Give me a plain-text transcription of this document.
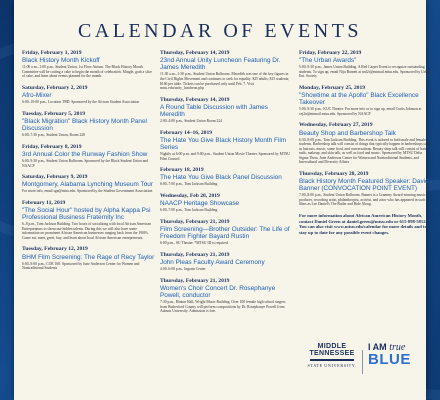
CALENDAR OF EVENTS
Friday, February 1, 2019
Black History Month Kickoff
11:00 a.m.–1:00 p.m., Student Union, 1st Floor Atrium. The Black History Month Committee will be cutting a cake to begin the month of celebration. Mingle, grab a slice of cake, and learn about events planned for the month.
Saturday, February 2, 2019
Afro-Mixer
6:00–10:00 p.m., Location TBD. Sponsored by the African Student Association
Tuesday, February 5, 2019
"Black Migration" Black History Month Panel Discussion
6:00–7:30 p.m., Student Union, Room 228
Friday, February 8, 2019
3rd Annual Color the Runway Fashion Show
6:00–9:30 p.m., Student Union Ballroom. Sponsored by the Black Student Union and NAACP
Saturday, February 9, 2019
Montgomery, Alabama Lynching Museum Tour
For more info, email sga@mtsu.edu. Sponsored by the Student Government Association
February 11, 2019
"The Social Hour" hosted by Alpha Kappa Psi Professional Business Fraternity Inc
6–8 p.m., Tom Jackson Building. Two hours of socializing with local African American Entrepreneurs to showcase hidden talents. During this we will also have some information on prominent African American businesses ranging back from the 1900's. Come eat, meet, greet, buy, and learn about local African American entrepreneurs.
Tuesday, February 12, 2019
BHM Film Screening: The Rage of Recy Taylor
6:00–9:00 p.m., COE 160. Sponsored by June Anderson Center for Women and Nontraditional Students
Thursday, February 14, 2019
23nd Annual Unity Luncheon Featuring Dr. James Meredith
11:30 a.m.–1:30 p.m., Student Union Ballroom. Meredith was one of the key figures in the Civil Rights Movement and continues to seek for equality. $25 adults; $15 students; $160 per table. Tickets can be purchased only until Feb. 7. Visit mtsu.edu/unity_luncheon.php
Thursday, February 14, 2019
A Round Table Discussion with James Meredith
2:00–4:00 p.m., Student Union Room 224
February 14–16, 2019
The Hate You Give Black History Month Film Series
Nightly at 6:00 p.m. and 9:00 p.m., Student Union Movie Theater. Sponsored by MTSU Film Council
February 18, 2019
The Hate You Give Black Panel Discussion
6:00–7:00 p.m., Tom Jackson Building
Wednesday, Feb 20, 2019
NAACP Heritage Showcase
6:00–7:00 p.m., Tom Jackson Building
Thursday, February 21, 2019
Film Screening—Brother Outsider: The Life of Freedom Fighter Bayard Rustin
6:00 p.m., SU Theater. *MTSU ID is required
Thursday, February 21, 2019
John Pleas Faculty Award Ceremony
4:00–6:00 p.m., Ingram Center
Thursday, February 21, 2019
Women's Choir Concert Dr. Rosephanye Powell, conductor
7:30 p.m., Hinton Hall, Wright Music Building. Over 100 female high school singers from Rutherford County will perform compositions by Dr. Rosephanye Powell from Auburn University. Admission is free.
Friday, February 22, 2019
"The Urban Awards"
5:00–9:30 p.m., James Union Building. A Red Carpet Event to recognize outstanding students. To sign up, email Nija Barnett at nrd2r@mtmail.mtsu.edu. Sponsored by Urban Ent. Society
Monday, February 25, 2019
"Showtime at the Apollo" Black Excellence Takeover
5:00–9:30 p.m., KUC Theater. For more info or to sign up, email Curtis Johnson at cej2n@mtmail.mtsu.edu. Sponsored by NAACP
Wednesday, February 27, 2019
Beauty Shop and Barbershop Talk
6:30–8:00 p.m., Tom Jackson Building. This event is tailored to both male and female students. Barbershop talk will consist of things that typically happen in barbershops such as haircuts, music, some food, and conversations. Beauty shop talk will consist of hair, nails, makeup, and skin talk, as well as food and music. Sponsored by MTSU Delta Sigma Theta, June Anderson Center for Women and Nontraditional Students, and Intercultural and Diversity Affairs
Thursday, February 28, 2019
Black History Month Featured Speaker: David Banner (CONVOCATION POINT EVENT)
7:00–8:00 p.m., Student Union Ballroom. Banner is a Grammy Award-winning music producer, recording artist, philanthropist, activist, and actor who has appeared in such films as Lee Daniel's The Butler and Ride Along.
For more information about African American History Month, contact Daniel Green at daniel.green@mtsu.edu or 615-898-5812. You can also visit www.mtsu.edu/calendar for more details and to stay up to date for any possible event changes.
MIDDLE TENNESSEE
STATE UNIVERSITY.
I AM true
BLUE
